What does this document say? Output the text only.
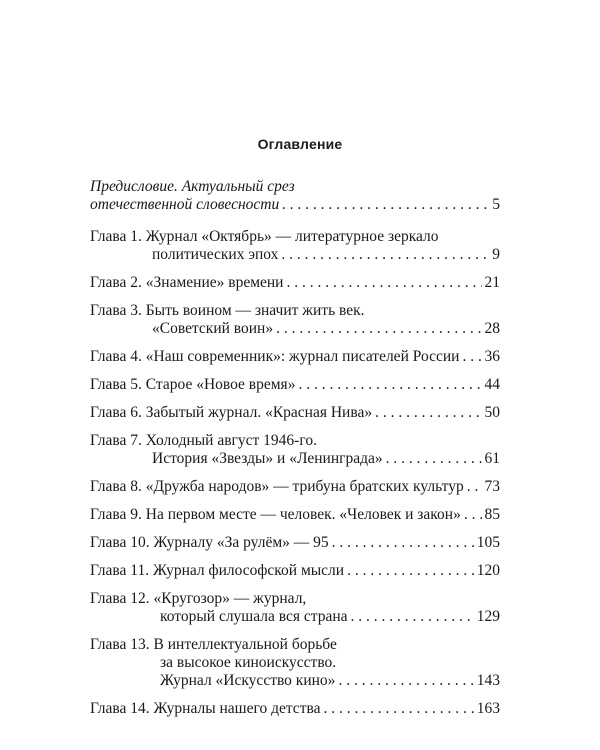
Оглавление
Предисловие. Актуальный срез
отечественной словесности . . .	5
Глава 1. Журнал «Октябрь» — литературное зеркало
политических эпох . . .	9
Глава 2. «Знамение» времени . . .	21
Глава 3. Быть воином — значит жить век.
«Советский воин» . . .	28
Глава 4. «Наш современник»: журнал писателей России . . . 36
Глава 5. Старое «Новое время» . . .	44
Глава 6. Забытый журнал. «Красная Нива» . . .	50
Глава 7. Холодный август 1946-го.
История «Звезды» и «Ленинграда» . . .	61
Глава 8. «Дружба народов» — трибуна братских культур . . . 73
Глава 9. На первом месте — человек. «Человек и закон» . . . 85
Глава 10. Журналу «За рулём» — 95 . . .	105
Глава 11. Журнал философской мысли . . .	120
Глава 12. «Кругозор» — журнал,
который слушала вся страна . . .	129
Глава 13. В интеллектуальной борьбе
за высокое киноискусство.
Журнал «Искусство кино» . . .	143
Глава 14. Журналы нашего детства . . .	163
